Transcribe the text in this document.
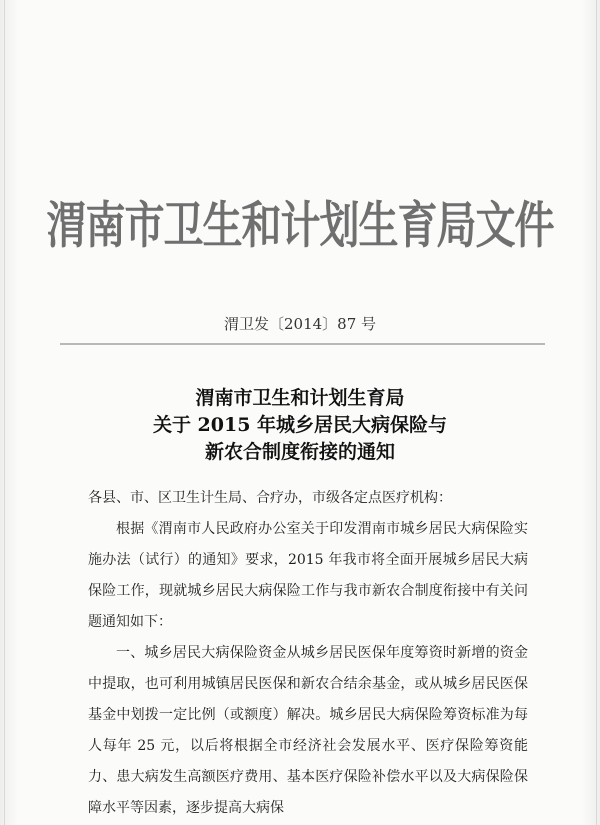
渭南市卫生和计划生育局文件
渭卫发〔2014〕87 号
渭南市卫生和计划生育局
关于 2015 年城乡居民大病保险与
新农合制度衔接的通知

各县、市、区卫生计生局、合疗办，市级各定点医疗机构：

根据《渭南市人民政府办公室关于印发渭南市城乡居民大病保险实施办法（试行）的通知》要求，2015 年我市将全面开展城乡居民大病保险工作，现就城乡居民大病保险工作与我市新农合制度衔接中有关问题通知如下：

一、城乡居民大病保险资金从城乡居民医保年度筹资时新增的资金中提取，也可利用城镇居民医保和新农合结余基金，或从城乡居民医保基金中划拨一定比例（或额度）解决。城乡居民大病保险筹资标准为每人每年 25 元，以后将根据全市经济社会发展水平、医疗保险筹资能力、患大病发生高额医疗费用、基本医疗保险补偿水平以及大病保险保障水平等因素，逐步提高大病保
